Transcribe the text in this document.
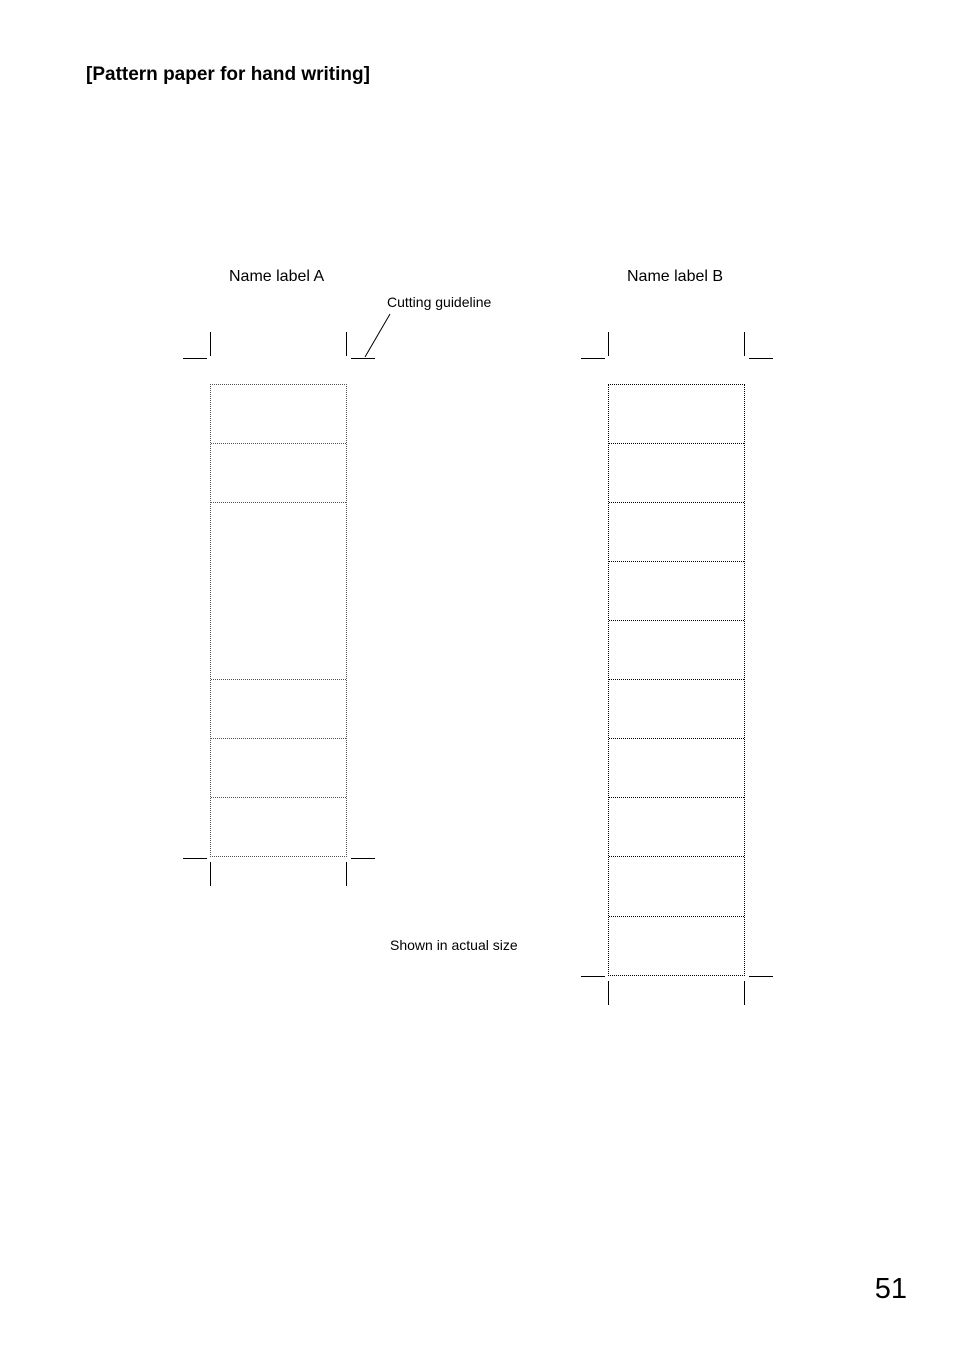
[Pattern paper for hand writing]
Name label A
Cutting guideline
Name label B
Shown in actual size
51
